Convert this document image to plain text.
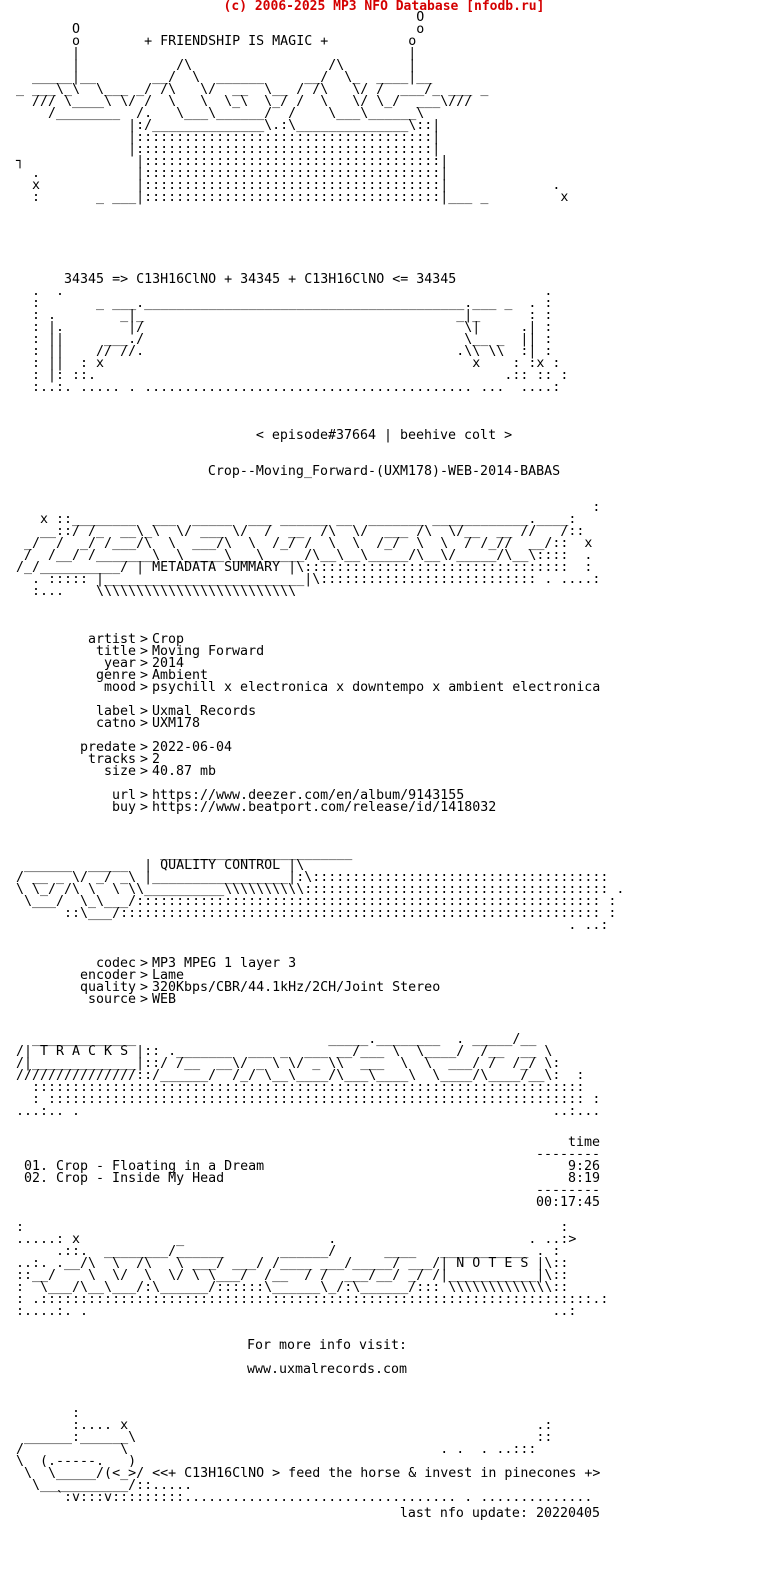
(c) 2006-2025 MP3 NFO Database [nfodb.ru]
O
O                                          o
o        + FRIENDSHIP IS MAGIC +          o
|                                         |
|            /\                 /\        |
_____|__       __/  \  ______     __/  \_  ____|__
_ ___\_\  \___ _/ /\   \/  __  \__ / /\   \/ /  ___/_ ___ _
/// \____\ \/ /  \   \  \_\  \_/ /  \   \/ \_/  ___\///
/________  /.   \___\______/  /    \___\______\
|:/______________\.:\______________\::|
|:::::::::::::::::::::::::::::::::::::|
|:::::::::::::::::::::::::::::::::::::|
┐              |:::::::::::::::::::::::::::::::::::::|
.            |:::::::::::::::::::::::::::::::::::::|
x            |:::::::::::::::::::::::::::::::::::::|             .
:       _ ___|:::::::::::::::::::::::::::::::::::::|___ _         x

34345 => C13H16ClNO + 34345 + C13H16ClNO <= 34345
.  .                                                            .
:       _ ___.________________________________________.___ _  . :
: .        _|_                                       _|_      : :
: |.        |/                                        \|     .| :
: ||     ___./                                        \__ _  || :
: ||    // //.                                       .\\ \\  :| :
: ||  : x                                              x    : :x :
: |: ::.                                                   .:: :: :
:..:. ..... . ......................................... ...  ....:

< episode#37664 | beehive colt >
Crop--Moving_Forward-(UXM178)-WEB-2014-BABAS
:
x ::________  ___  _____  ___ ______ __  _______ ____________.____:
__::/ /_  __\_\  \/ ___ \/  /  __  /\  \/  ___ /\  \/__  __ //   /::
_/  /  _/ /___/\  \  ___/\  \  /_/ /  \  \  /_/  \  \  / /_//  __/::  x
/  /__/ /_______\  \_____\___\_____/\__\__\_____/\__\/_____/\__\::::  .
/_/__________/ | METADATA SUMMARY |\:::::::::::::::::::::::::::::::::  :
. ::::: |_________________________|\::::::::::::::::::::::::::: . ....:
:...    \\\\\\\\\\\\\\\\\\\\\\\\\

artist > Crop
title > Moving Forward
year > 2014
genre > Ambient
mood > psychill x electronica x downtempo x ambient electronica
label > Uxmal Records
catno > UXM178
predate > 2022-06-04
tracks > 2
size > 40.87 mb
url > https://www.deezer.com/en/album/9143155
buy > https://www.beatport.com/release/id/1418032
________________________
______  _____  | QUALITY CONTROL |\
/ __ _ \/ _/ _\ |_________________|:\:::::::::::::::::::::::::::::::::::::
\ \_/ /\ \  \ \\__________\\\\\\\\\\:::::::::::::::::::::::::::::::::::::: .
\___/  \_\___/:::::::::::::::::::::::::::::::::::::::::::::::::::::::::: :
::\___/:::::::::::::::::::::::::::::::::::::::::::::::::::::::::::: :
. ..:

codec > MP3 MPEG 1 layer 3
encoder > Lame
quality > 320Kbps/CBR/44.1kHz/2CH/Joint Stereo
source > WEB
_____________                        _____.________  . _____/__
/| T R A C K S |:: ._______  ___ _  ___ __/___ \  \____/  /__  __ \
/|_____________|::/ /__  __\/ _ \ \/ _ \\  ___  \  \  ___/ /  /_/ \:
///////////////::/______/  /_/ \__\____/\___\____\  \____/\____/__\:  :
:::::::::::::::::::::::::::::::::::::::::::::::::::::::::::::::::::::
: ::::::::::::::::::::::::::::::::::::::::::::::::::::::::::::::::::: :
...:.. .                                                           ..:...

time
--------
01. Crop - Floating in a Dream	9:26
02. Crop - Inside My Head	8:19
--------
00:17:45
:                                                                   :
.....: x            _                  .                        . ..:>
.::.  ________/______       ______/      ____   ___________ . :
..:. .__/\  \  /\   \ ___/ ___/ /____ ___/_____/ ___/| N O T E S |\::
::__/    \  \/  \  \/ \ \___/  /__  / /  ___/__/ _/ /|___________|\::
:  \___/\__\___/:\______/::::::\______\_/:\______/::: \\\\\\\\\\\\\::
: .:::::::::::::::::::::::::::::::::::::::::::::::::::::::::::::::::::::.:
:....:. .                                                          ..:

For more info visit:
www.uxmalrecords.com
:
:.... x                                                   .:
______:______\                                                  ::
/            \                                       . .  . ..:::
\  (.-----.   )
\  \_____/(<_>/ <<+ C13H16ClNO > feed the horse & invest in pinecones +>
\___________/::.....
`:v:::v:::::::::.................................. . ..............

last nfo update: 20220405
